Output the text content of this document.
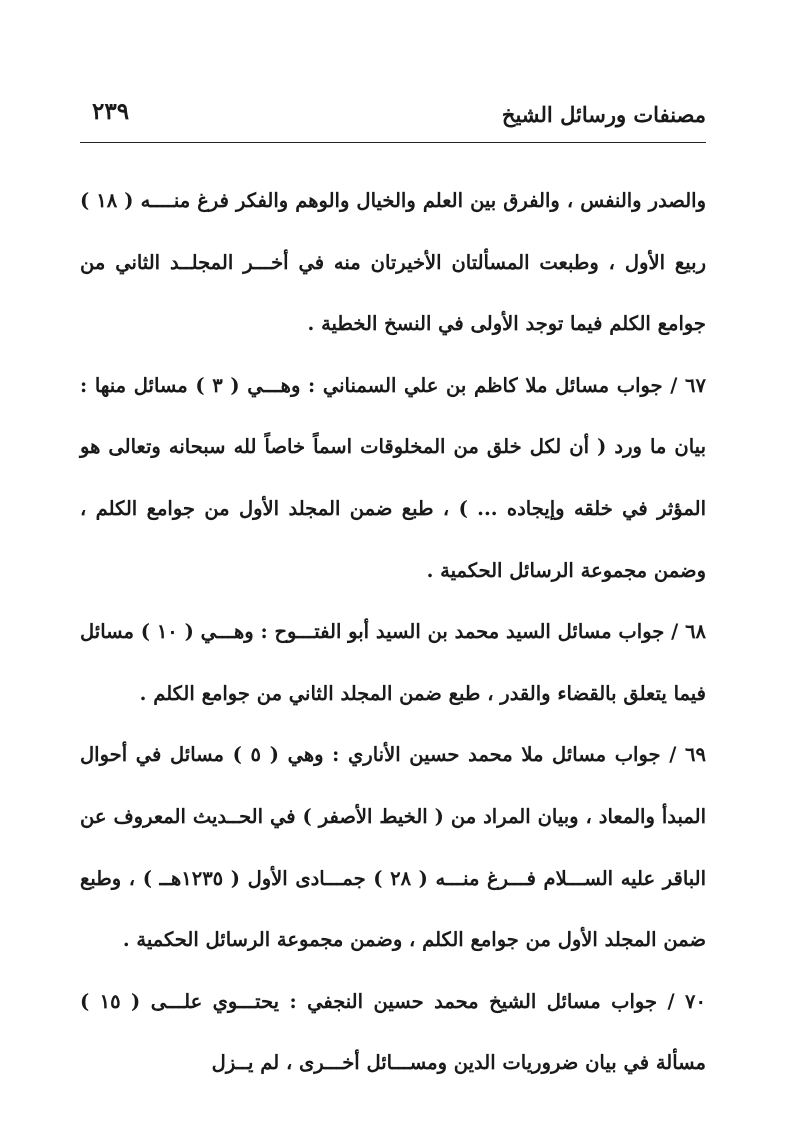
مصنفات ورسائل الشيخ
٢٣٩

والصدر والنفس ، والفرق بين العلم والخيال والوهم والفكر فرغ منــــه ( ١٨ ) ربيع الأول ، وطبعت المسألتان الأخيرتان منه في أخـــر المجلــد الثاني من جوامع الكلم فيما توجد الأولى في النسخ الخطية .

٦٧ / جواب مسائل ملا كاظم بن علي السمناني : وهـــي ( ٣ ) مسائل منها : بيان ما ورد ( أن لكل خلق من المخلوقات اسماً خاصاً لله سبحانه وتعالى هو المؤثر في خلقه وإيجاده ... ) ، طبع ضمن المجلد الأول من جوامع الكلم ، وضمن مجموعة الرسائل الحكمية .

٦٨ / جواب مسائل السيد محمد بن السيد أبو الفتـــوح : وهـــي ( ١٠ ) مسائل فيما يتعلق بالقضاء والقدر ، طبع ضمن المجلد الثاني من جوامع الكلم .

٦٩ / جواب مسائل ملا محمد حسين الأناري : وهي ( ٥ ) مسائل في أحوال المبدأ والمعاد ، وبيان المراد من ( الخيط الأصفر ) في الحــديث المعروف عن الباقر عليه الســـلام فـــرغ منـــه ( ٢٨ ) جمـــادى الأول ( ١٢٣٥هــ ) ، وطبع ضمن المجلد الأول من جوامع الكلم ، وضمن مجموعة الرسائل الحكمية .

٧٠ / جواب مسائل الشيخ محمد حسين النجفي : يحتـــوي علـــى ( ١٥ ) مسألة في بيان ضروريات الدين ومســـائل أخـــرى ، لم يــزل
